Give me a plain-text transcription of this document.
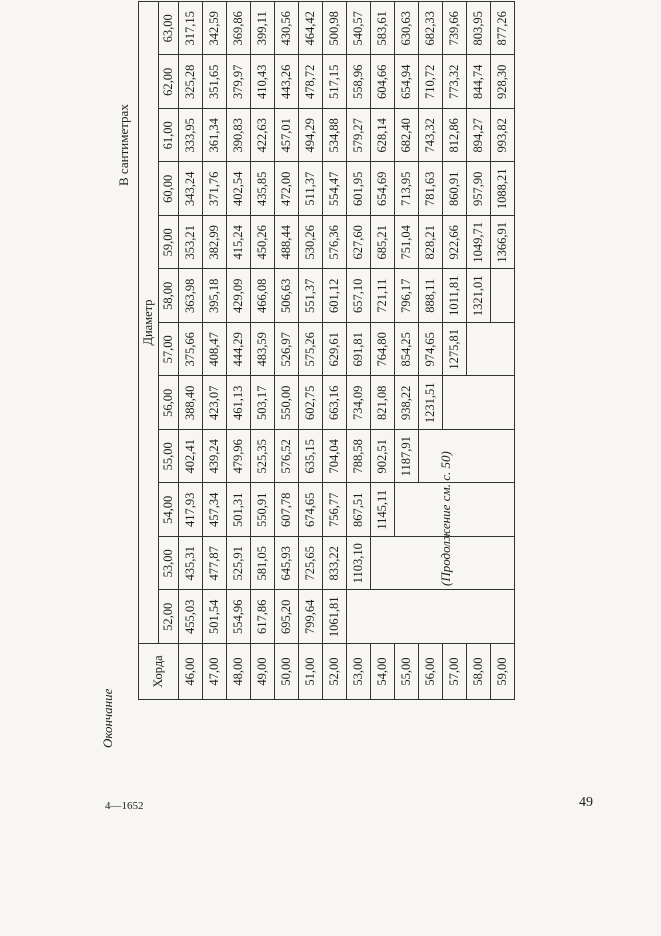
Окончание
В сантиметрах
Хорда	Диаметр											
	52,00	53,00	54,00	55,00	56,00	57,00	58,00	59,00	60,00	61,00	62,00	63,00
46,00	455,03	435,31	417,93	402,41	388,40	375,66	363,98	353,21	343,24	333,95	325,28	317,15
47,00	501,54	477,87	457,34	439,24	423,07	408,47	395,18	382,99	371,76	361,34	351,65	342,59
48,00	554,96	525,91	501,31	479,96	461,13	444,29	429,09	415,24	402,54	390,83	379,97	369,86
49,00	617,86	581,05	550,91	525,35	503,17	483,59	466,08	450,26	435,85	422,63	410,43	399,11
50,00	695,20	645,93	607,78	576,52	550,00	526,97	506,63	488,44	472,00	457,01	443,26	430,56
51,00	799,64	725,65	674,65	635,15	602,75	575,26	551,37	530,26	511,37	494,29	478,72	464,42
52,00	1061,81	833,22	756,77	704,04	663,16	629,61	601,12	576,36	554,47	534,88	517,15	500,98
53,00		1103,10	867,51	788,58	734,09	691,81	657,10	627,60	601,95	579,27	558,96	540,57
54,00			1145,11	902,51	821,08	764,80	721,11	685,21	654,69	628,14	604,66	583,61
55,00				1187,91	938,22	854,25	796,17	751,04	713,95	682,40	654,94	630,63
56,00					1231,51	974,65	888,11	828,21	781,63	743,32	710,72	682,33
57,00						1275,81	1011,81	922,66	860,91	812,86	773,32	739,66
58,00							1321,01	1049,71	957,90	894,27	844,74	803,95
59,00								1366,91	1088,21	993,82	928,30	877,26
(Продолжение см. с. 50)
4—1652	49
